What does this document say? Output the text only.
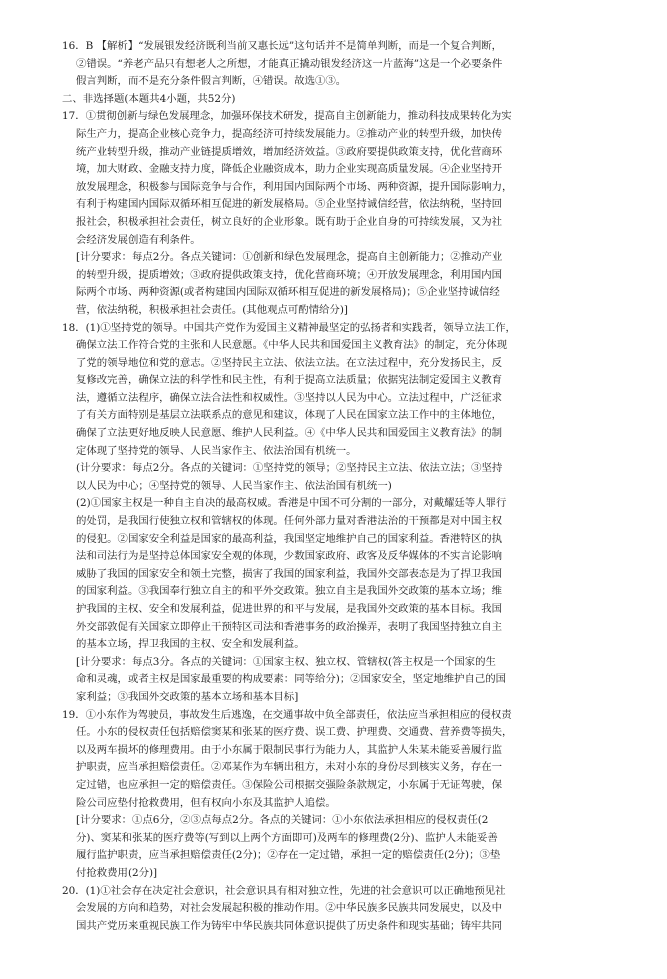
16．B 【解析】“发展银发经济既利当前又惠长远”这句话并不是简单判断，而是一个复合判断，

②错误。“养老产品只有想老人之所想，才能真正撬动银发经济这一片蓝海”这是一个必要条件

假言判断，而不是充分条件假言判断，④错误。故选①③。

二、非选择题(本题共4小题，共52分)

17．①贯彻创新与绿色发展理念，加强环保技术研发，提高自主创新能力，推动科技成果转化为实

际生产力，提高企业核心竞争力，提高经济可持续发展能力。②推动产业的转型升级，加快传

统产业转型升级，推动产业链提质增效，增加经济效益。③政府要提供政策支持，优化营商环

境，加大财政、金融支持力度，降低企业融资成本，助力企业实现高质量发展。④企业坚持开

放发展理念，积极参与国际竞争与合作，利用国内国际两个市场、两种资源，提升国际影响力，

有利于构建国内国际双循环相互促进的新发展格局。⑤企业坚持诚信经营，依法纳税，坚持回

报社会，积极承担社会责任，树立良好的企业形象。既有助于企业自身的可持续发展，又为社

会经济发展创造有利条件。

[计分要求：每点2分。各点关键词：①创新和绿色发展理念，提高自主创新能力；②推动产业

的转型升级，提质增效；③政府提供政策支持，优化营商环境；④开放发展理念，利用国内国

际两个市场、两种资源(或者构建国内国际双循环相互促进的新发展格局)；⑤企业坚持诚信经

营，依法纳税，积极承担社会责任。(其他观点可酌情给分)]

18．(1)①坚持党的领导。中国共产党作为爱国主义精神最坚定的弘扬者和实践者，领导立法工作，

确保立法工作符合党的主张和人民意愿。《中华人民共和国爱国主义教育法》的制定，充分体现

了党的领导地位和党的意志。②坚持民主立法、依法立法。在立法过程中，充分发扬民主，反

复修改完善，确保立法的科学性和民主性，有利于提高立法质量；依据宪法制定爱国主义教育

法，遵循立法程序，确保立法合法性和权威性。③坚持以人民为中心。立法过程中，广泛征求

了有关方面特别是基层立法联系点的意见和建议，体现了人民在国家立法工作中的主体地位，

确保了立法更好地反映人民意愿、维护人民利益。④《中华人民共和国爱国主义教育法》的制

定体现了坚持党的领导、人民当家作主、依法治国有机统一。

(计分要求：每点2分。各点的关键词：①坚持党的领导；②坚持民主立法、依法立法；③坚持

以人民为中心；④坚持党的领导、人民当家作主、依法治国有机统一)

(2)①国家主权是一种自主自决的最高权威。香港是中国不可分割的一部分，对戴耀廷等人罪行

的处罚，是我国行使独立权和管辖权的体现。任何外部力量对香港法治的干预都是对中国主权

的侵犯。②国家安全利益是国家的最高利益，我国坚定地维护自己的国家利益。香港特区的执

法和司法行为是坚持总体国家安全观的体现，少数国家政府、政客及反华媒体的不实言论影响

威胁了我国的国家安全和领土完整，损害了我国的国家利益，我国外交部表态是为了捍卫我国

的国家利益。③我国奉行独立自主的和平外交政策。独立自主是我国外交政策的基本立场；维

护我国的主权、安全和发展利益，促进世界的和平与发展，是我国外交政策的基本目标。我国

外交部敦促有关国家立即停止干预特区司法和香港事务的政治操弄，表明了我国坚持独立自主

的基本立场，捍卫我国的主权、安全和发展利益。

[计分要求：每点3分。各点的关键词：①国家主权、独立权、管辖权(答主权是一个国家的生

命和灵魂，或者主权是国家最重要的构成要素：同等给分)；②国家安全，坚定地维护自己的国

家利益；③我国外交政策的基本立场和基本目标]

19．①小东作为驾驶员，事故发生后逃逸，在交通事故中负全部责任，依法应当承担相应的侵权责

任。小东的侵权责任包括赔偿窦某和张某的医疗费、误工费、护理费、交通费、营养费等损失，

以及两车损坏的修理费用。由于小东属于限制民事行为能力人，其监护人朱某未能妥善履行监

护职责，应当承担赔偿责任。②邓某作为车辆出租方，未对小东的身份尽到核实义务，存在一

定过错，也应承担一定的赔偿责任。③保险公司根据交强险条款规定，小东属于无证驾驶，保

险公司应垫付抢救费用，但有权向小东及其监护人追偿。

[计分要求：①点6分，②③点每点2分。各点的关键词：①小东依法承担相应的侵权责任(2

分)、窦某和张某的医疗费等(写到以上两个方面即可)及两车的修理费(2分)、监护人未能妥善

履行监护职责，应当承担赔偿责任(2分)；②存在一定过错，承担一定的赔偿责任(2分)；③垫

付抢救费用(2分)]

20．(1)①社会存在决定社会意识，社会意识具有相对独立性，先进的社会意识可以正确地预见社

会发展的方向和趋势，对社会发展起积极的推动作用。②中华民族多民族共同发展史，以及中

国共产党历来重视民族工作为铸牢中华民族共同体意识提供了历史条件和现实基础；铸牢共同
